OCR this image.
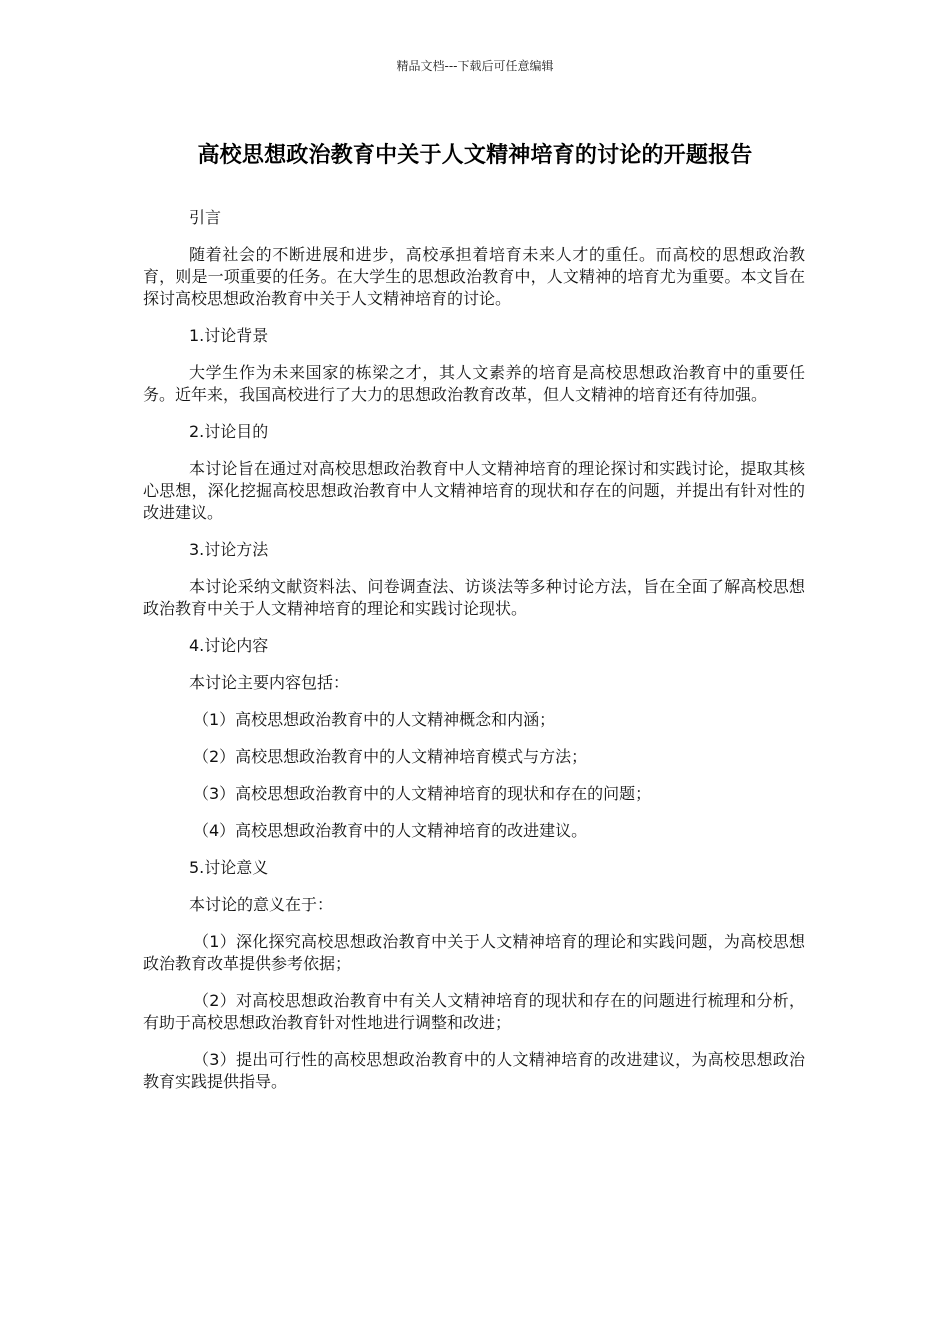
精品文档---下载后可任意编辑
高校思想政治教育中关于人文精神培育的讨论的开题报告

引言

随着社会的不断进展和进步，高校承担着培育未来人才的重任。而高校的思想政治教育，则是一项重要的任务。在大学生的思想政治教育中，人文精神的培育尤为重要。本文旨在探讨高校思想政治教育中关于人文精神培育的讨论。

1.讨论背景

大学生作为未来国家的栋梁之才，其人文素养的培育是高校思想政治教育中的重要任务。近年来，我国高校进行了大力的思想政治教育改革，但人文精神的培育还有待加强。

2.讨论目的

本讨论旨在通过对高校思想政治教育中人文精神培育的理论探讨和实践讨论，提取其核心思想，深化挖掘高校思想政治教育中人文精神培育的现状和存在的问题，并提出有针对性的改进建议。

3.讨论方法

本讨论采纳文献资料法、问卷调查法、访谈法等多种讨论方法，旨在全面了解高校思想政治教育中关于人文精神培育的理论和实践讨论现状。

4.讨论内容

本讨论主要内容包括：

（1）高校思想政治教育中的人文精神概念和内涵；

（2）高校思想政治教育中的人文精神培育模式与方法；

（3）高校思想政治教育中的人文精神培育的现状和存在的问题；

（4）高校思想政治教育中的人文精神培育的改进建议。

5.讨论意义

本讨论的意义在于：

（1）深化探究高校思想政治教育中关于人文精神培育的理论和实践问题，为高校思想政治教育改革提供参考依据；

（2）对高校思想政治教育中有关人文精神培育的现状和存在的问题进行梳理和分析，有助于高校思想政治教育针对性地进行调整和改进；

（3）提出可行性的高校思想政治教育中的人文精神培育的改进建议，为高校思想政治教育实践提供指导。
